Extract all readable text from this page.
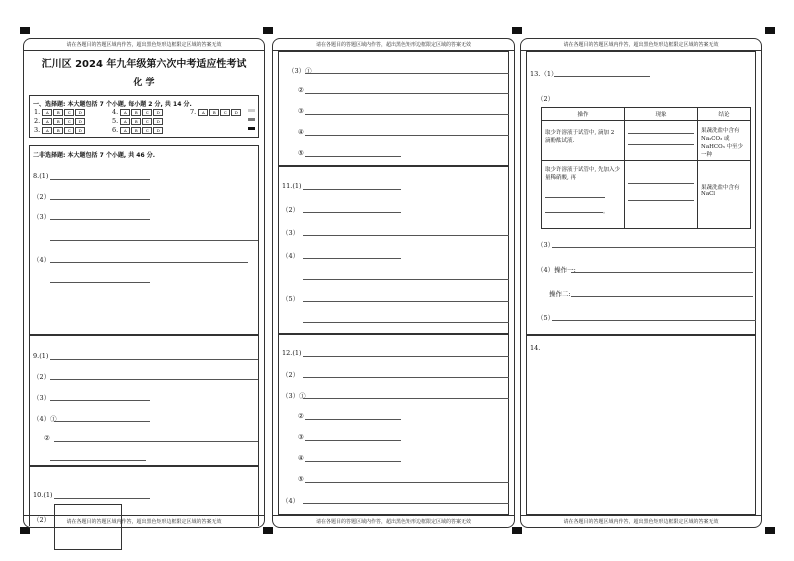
请在各题目的答题区域内作答，超出黑色矩形边框限定区域的答案无效
汇川区 2024 年九年级第六次中考适应性考试
化 学
一、选择题: 本大题包括 7 个小题, 每小题 2 分, 共 14 分.
1. A B C D
2. A B C D
3. A B C D
4. A B C D
5. A B C D
6. A B C D
7. A B C D
二非选择题: 本大题包括 7 个小题, 共 46 分.
8.(1)
（2）
（3）
（4）
9.(1)
（2）
（3）
（4）①
②
10.(1)
（2）	请在各题目的答题区域内作答，超出黑色矩形边框限定区域的答案无效
请在各题目的答题区域内作答，超出黑色矩形边框限定区域的答案无效
（3）①
②
③
④
⑤
11.(1)
（2）
（3）
（4）
（5）
12.(1)
（2）
（3）①
②
③
④
⑤
（4）
请在各题目的答题区域内作答，超出黑色矩形边框限定区域的答案无效
请在各题目的答题区域内作答，超出黑色矩形边框限定区域的答案无效
13.（1）
（2）
操作	现象	结论
取少许溶液于试管中, 滴加 2 滴酚酞试液.		果蔬洗盐中含有 Na₂CO₃ 或 NaHCO₃ 中至少一种
取少许溶液于试管中, 先加入少量稀硝酸, 再
。		果蔬洗盐中含有 NaCl
（3）
（4）操作一:
操作二:
（5）
14.
请在各题目的答题区域内作答，超出黑色矩形边框限定区域的答案无效
